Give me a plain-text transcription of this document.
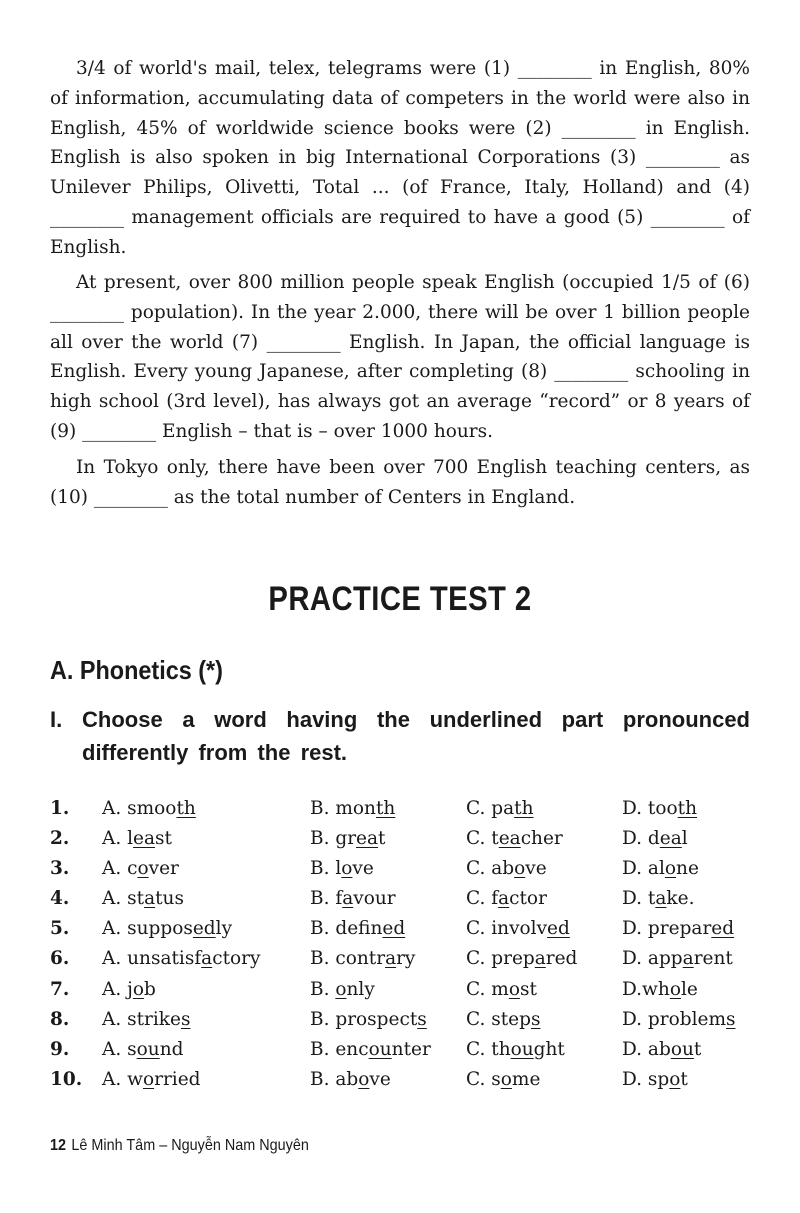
3/4 of world's mail, telex, telegrams were (1) ________ in English, 80% of information, accumulating data of competers in the world were also in English, 45% of worldwide science books were (2) ________ in English. English is also spoken in big International Corporations (3) ________ as Unilever Philips, Olivetti, Total ... (of France, Italy, Holland) and (4) ________ management officials are required to have a good (5) ________ of English.

At present, over 800 million people speak English (occupied 1/5 of (6) ________ population). In the year 2.000, there will be over 1 billion people all over the world (7) ________ English. In Japan, the official language is English. Every young Japanese, after completing (8) ________ schooling in high school (3rd level), has always got an average “record” or 8 years of (9) ________ English – that is – over 1000 hours.

In Tokyo only, there have been over 700 English teaching centers, as (10) ________ as the total number of Centers in England.

PRACTICE TEST 2
A. Phonetics (*)
I. Choose a word having the underlined part pronounced differently from the rest.
1.	A. smooth	B. month	C. path	D. tooth
2.	A. least	B. great	C. teacher	D. deal
3.	A. cover	B. love	C. above	D. alone
4.	A. status	B. favour	C. factor	D. take.
5.	A. supposedly	B. defined	C. involved	D. prepared
6.	A. unsatisfactory	B. contrary	C. prepared	D. apparent
7.	A. job	B. only	C. most	D.whole
8.	A. strikes	B. prospects	C. steps	D. problems
9.	A. sound	B. encounter	C. thought	D. about
10.	A. worried	B. above	C. some	D. spot
12 Lê Minh Tâm – Nguyễn Nam Nguyên
